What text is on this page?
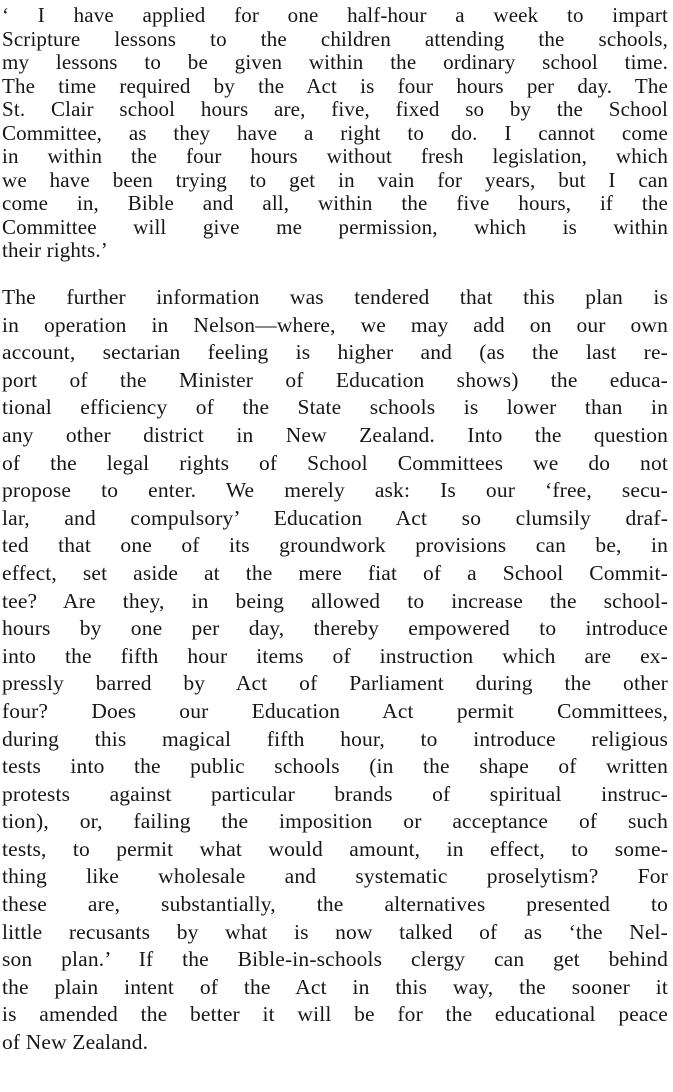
‘ I have applied for one half-hour a week to impart
Scripture lessons to the children attending the schools,
my lessons to be given within the ordinary school time.
The time required by the Act is four hours per day. The
St. Clair school hours are, five, fixed so by the School
Committee, as they have a right to do. I cannot come
in within the four hours without fresh legislation, which
we have been trying to get in vain for years, but I can
come in, Bible and all, within the five hours, if the
Committee will give me permission, which is within
their rights.’
The further information was tendered that this plan is
in operation in Nelson—where, we may add on our own
account, sectarian feeling is higher and (as the last re-
port of the Minister of Education shows) the educa-
tional efficiency of the State schools is lower than in
any other district in New Zealand. Into the question
of the legal rights of School Committees we do not
propose to enter. We merely ask: Is our ‘free, secu-
lar, and compulsory’ Education Act so clumsily draf-
ted that one of its groundwork provisions can be, in
effect, set aside at the mere fiat of a School Commit-
tee? Are they, in being allowed to increase the school-
hours by one per day, thereby empowered to introduce
into the fifth hour items of instruction which are ex-
pressly barred by Act of Parliament during the other
four? Does our Education Act permit Committees,
during this magical fifth hour, to introduce religious
tests into the public schools (in the shape of written
protests against particular brands of spiritual instruc-
tion), or, failing the imposition or acceptance of such
tests, to permit what would amount, in effect, to some-
thing like wholesale and systematic proselytism? For
these are, substantially, the alternatives presented to
little recusants by what is now talked of as ‘the Nel-
son plan.’ If the Bible-in-schools clergy can get behind
the plain intent of the Act in this way, the sooner it
is amended the better it will be for the educational peace
of New Zealand.
